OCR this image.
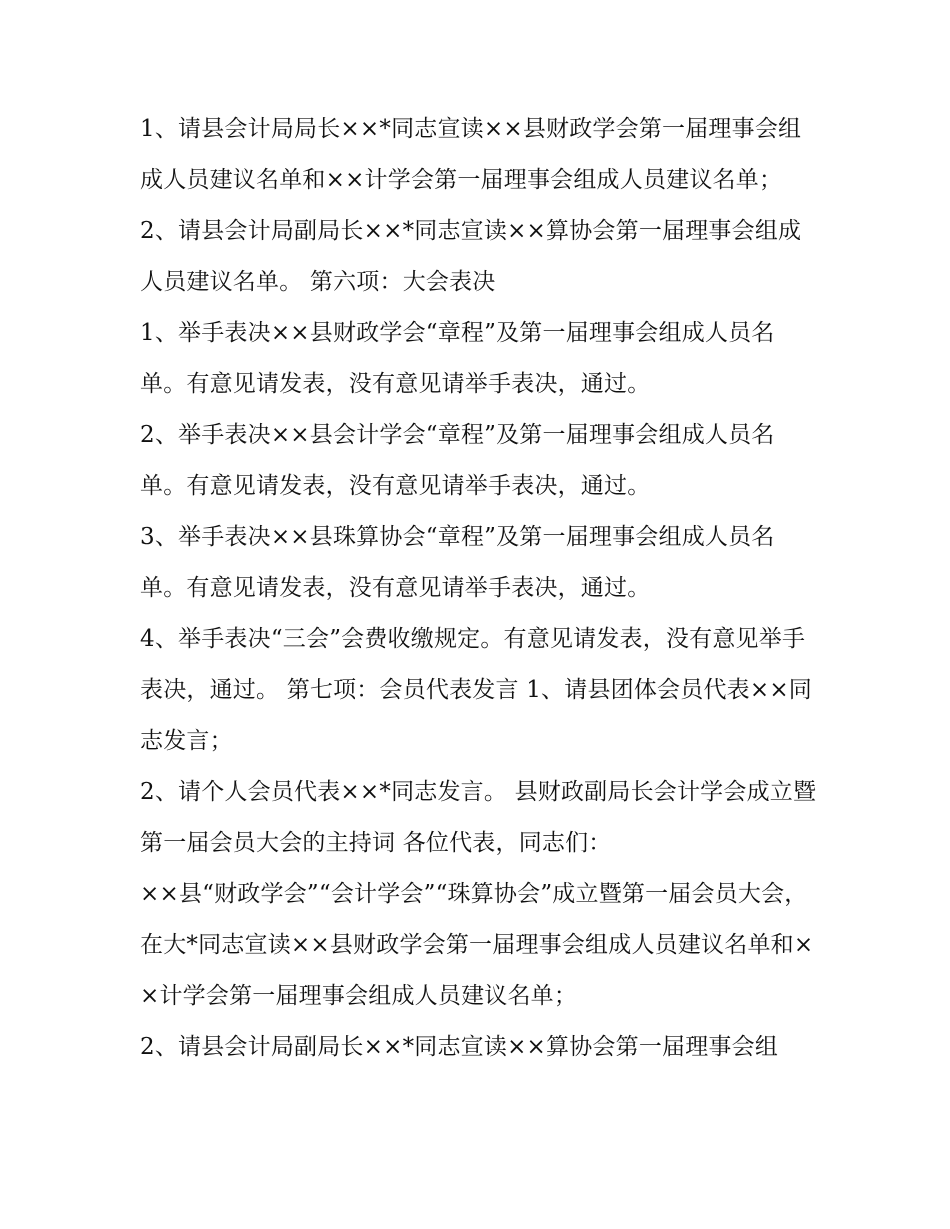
1、请县会计局局长××*同志宣读××县财政学会第一届理事会组成人员建议名单和××计学会第一届理事会组成人员建议名单；

2、请县会计局副局长××*同志宣读××算协会第一届理事会组成人员建议名单。 第六项：大会表决

1、举手表决××县财政学会“章程”及第一届理事会组成人员名单。有意见请发表，没有意见请举手表决，通过。

2、举手表决××县会计学会“章程”及第一届理事会组成人员名单。有意见请发表，没有意见请举手表决，通过。

3、举手表决××县珠算协会“章程”及第一届理事会组成人员名单。有意见请发表，没有意见请举手表决，通过。

4、举手表决“三会”会费收缴规定。有意见请发表，没有意见举手表决，通过。 第七项：会员代表发言 1、请县团体会员代表××同志发言；

2、请个人会员代表××*同志发言。 县财政副局长会计学会成立暨第一届会员大会的主持词 各位代表，同志们：

××县“财政学会”“会计学会”“珠算协会”成立暨第一届会员大会，在大*同志宣读××县财政学会第一届理事会组成人员建议名单和××计学会第一届理事会组成人员建议名单；

2、请县会计局副局长××*同志宣读××算协会第一届理事会组
